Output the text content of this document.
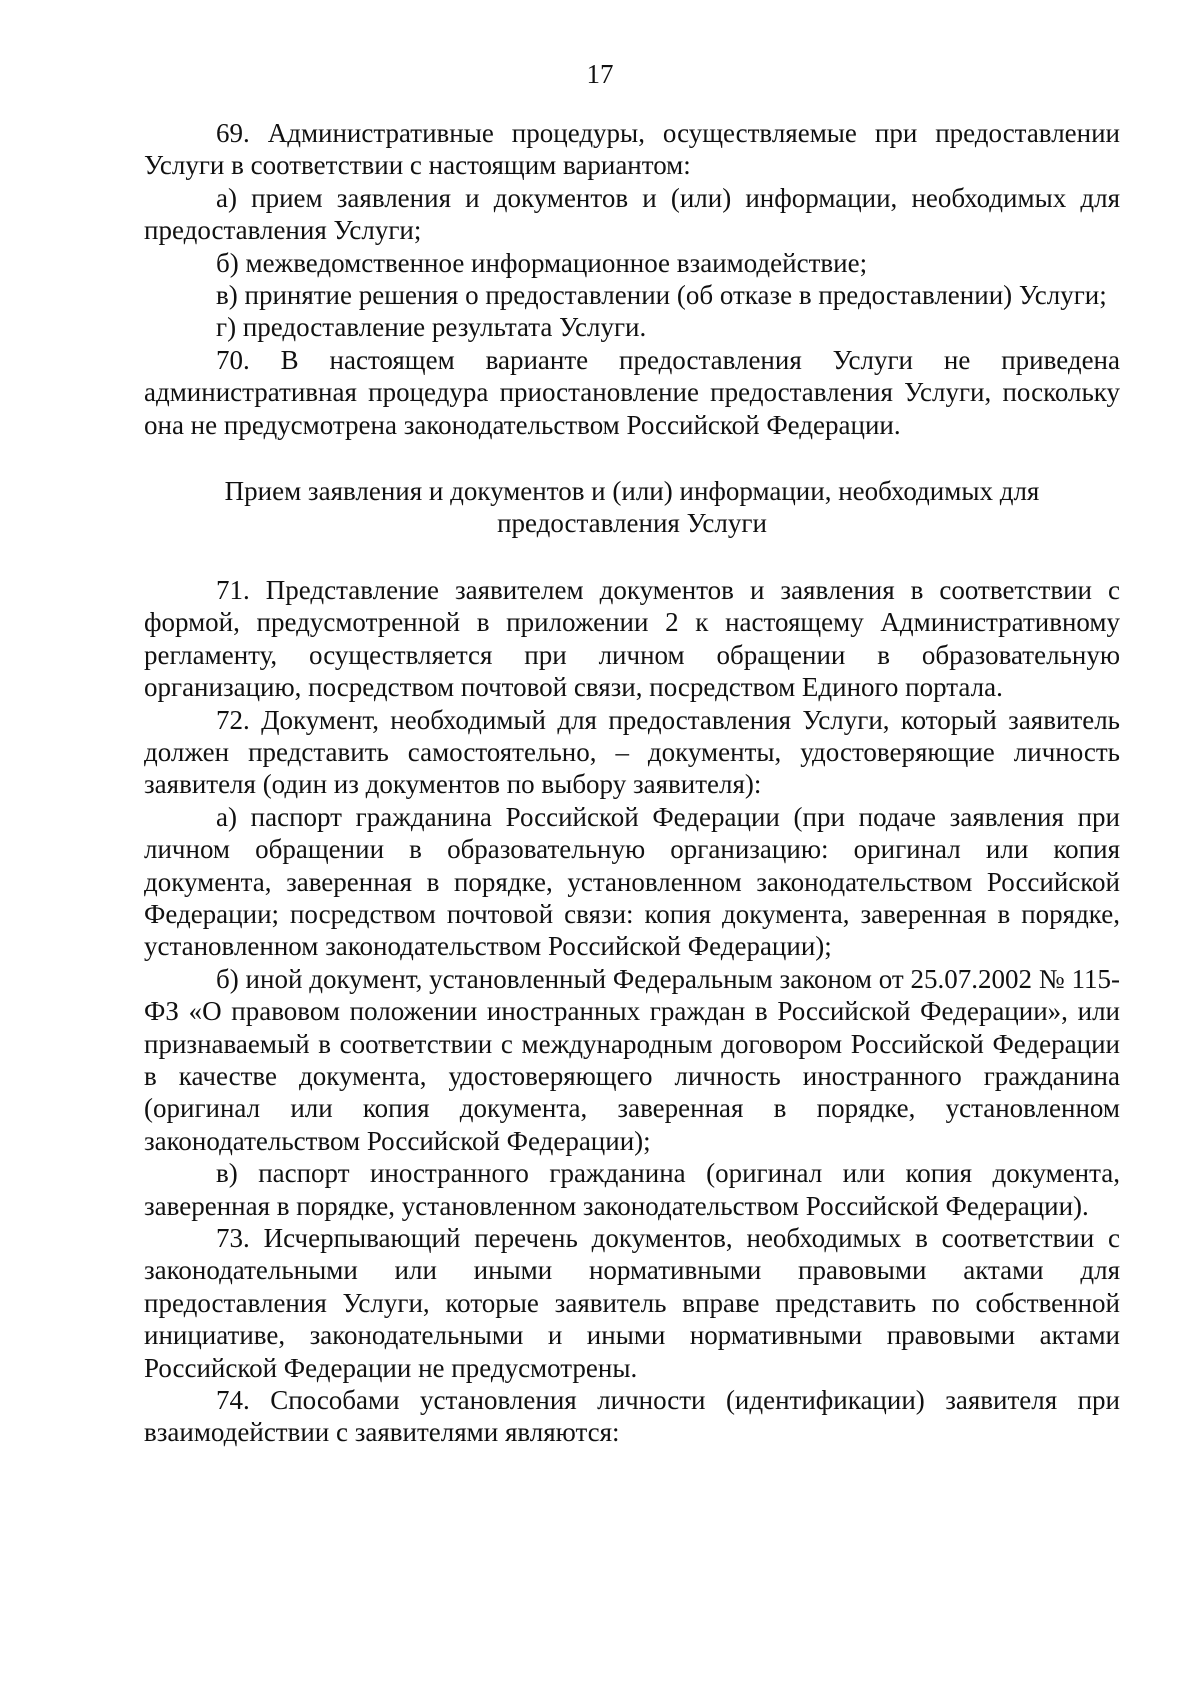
17

69. Административные процедуры, осуществляемые при предоставлении Услуги в соответствии с настоящим вариантом:

а) прием заявления и документов и (или) информации, необходимых для предоставления Услуги;

б) межведомственное информационное взаимодействие;

в) принятие решения о предоставлении (об отказе в предоставлении) Услуги;

г) предоставление результата Услуги.

70. В настоящем варианте предоставления Услуги не приведена административная процедура приостановление предоставления Услуги, поскольку она не предусмотрена законодательством Российской Федерации.

Прием заявления и документов и (или) информации, необходимых для

предоставления Услуги

71. Представление заявителем документов и заявления в соответствии с формой, предусмотренной в приложении 2 к настоящему Административному регламенту, осуществляется при личном обращении в образовательную организацию, посредством почтовой связи, посредством Единого портала.

72. Документ, необходимый для предоставления Услуги, который заявитель должен представить самостоятельно, – документы, удостоверяющие личность заявителя (один из документов по выбору заявителя):

а) паспорт гражданина Российской Федерации (при подаче заявления при личном обращении в образовательную организацию: оригинал или копия документа, заверенная в порядке, установленном законодательством Российской Федерации; посредством почтовой связи: копия документа, заверенная в порядке, установленном законодательством Российской Федерации);

б) иной документ, установленный Федеральным законом от 25.07.2002 № 115-ФЗ «О правовом положении иностранных граждан в Российской Федерации», или признаваемый в соответствии с международным договором Российской Федерации в качестве документа, удостоверяющего личность иностранного гражданина (оригинал или копия документа, заверенная в порядке, установленном законодательством Российской Федерации);

в) паспорт иностранного гражданина (оригинал или копия документа, заверенная в порядке, установленном законодательством Российской Федерации).

73. Исчерпывающий перечень документов, необходимых в соответствии с законодательными или иными нормативными правовыми актами для предоставления Услуги, которые заявитель вправе представить по собственной инициативе, законодательными и иными нормативными правовыми актами Российской Федерации не предусмотрены.

74. Способами установления личности (идентификации) заявителя при взаимодействии с заявителями являются:
